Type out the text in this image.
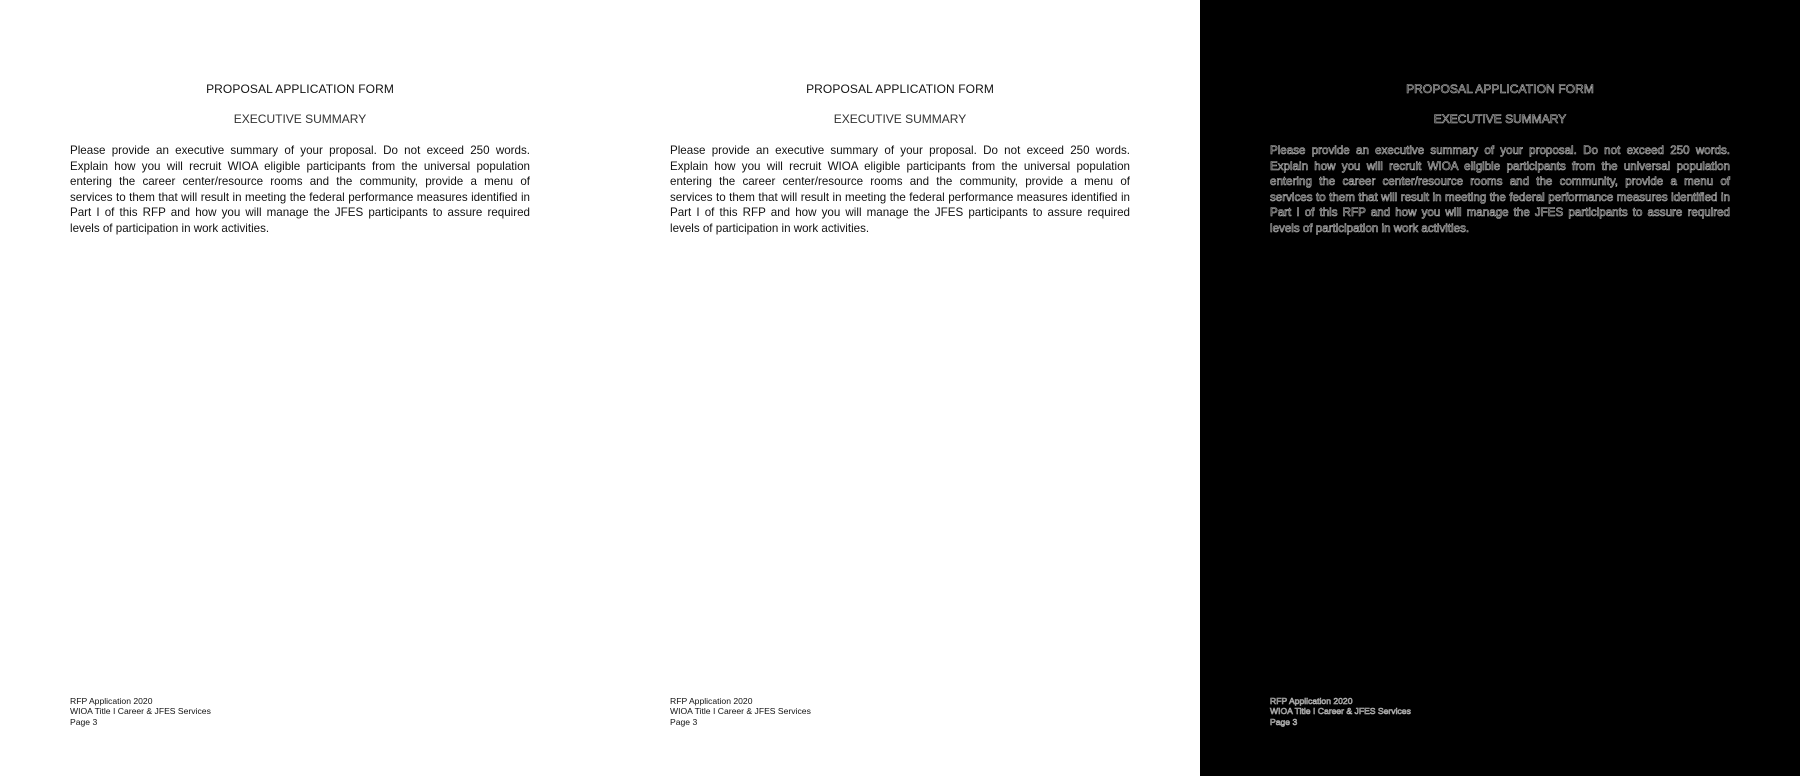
PROPOSAL APPLICATION FORM
EXECUTIVE SUMMARY
Please provide an executive summary of your proposal. Do not exceed 250 words. Explain how you will recruit WIOA eligible participants from the universal population entering the career center/resource rooms and the community, provide a menu of services to them that will result in meeting the federal performance measures identified in Part I of this RFP and how you will manage the JFES participants to assure required levels of participation in work activities.
RFP Application 2020
WIOA Title I Career & JFES Services
Page 3
PROPOSAL APPLICATION FORM
EXECUTIVE SUMMARY
Please provide an executive summary of your proposal. Do not exceed 250 words. Explain how you will recruit WIOA eligible participants from the universal population entering the career center/resource rooms and the community, provide a menu of services to them that will result in meeting the federal performance measures identified in Part I of this RFP and how you will manage the JFES participants to assure required levels of participation in work activities.
RFP Application 2020
WIOA Title I Career & JFES Services
Page 3
PROPOSAL APPLICATION FORM
EXECUTIVE SUMMARY
Please provide an executive summary of your proposal. Do not exceed 250 words. Explain how you will recruit WIOA eligible participants from the universal population entering the career center/resource rooms and the community, provide a menu of services to them that will result in meeting the federal performance measures identified in Part I of this RFP and how you will manage the JFES participants to assure required levels of participation in work activities.
RFP Application 2020
WIOA Title I Career & JFES Services
Page 3
